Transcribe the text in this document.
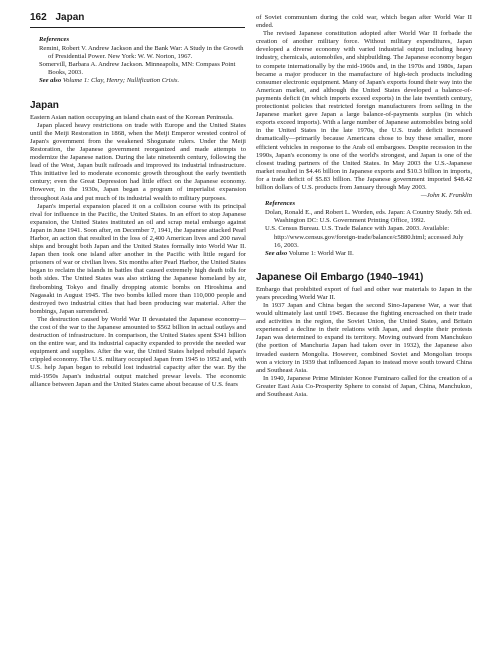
162 Japan
References
Remini, Robert V. Andrew Jackson and the Bank War: A Study in the Growth of Presidential Power. New York: W. W. Norton, 1967.
Somervill, Barbara A. Andrew Jackson. Minneapolis, MN: Compass Point Books, 2003.
See also Volume 1: Clay, Henry; Nullification Crisis.
Japan

Eastern Asian nation occupying an island chain east of the Korean Peninsula.

Japan placed heavy restrictions on trade with Europe and the United States until the Meiji Restoration in 1868, when the Meiji Emperor wrested control of Japan's government from the weakened Shogunate rulers. Under the Meiji Restoration, the Japanese government reorganized and made attempts to modernize the Japanese nation. During the late nineteenth century, following the lead of the West, Japan built railroads and improved its industrial infrastructure. This initiative led to moderate economic growth throughout the early twentieth century; even the Great Depression had little effect on the Japanese economy. However, in the 1930s, Japan began a program of imperialist expansion throughout Asia and put much of its industrial wealth to military purposes.

Japan's imperial expansion placed it on a collision course with its principal rival for influence in the Pacific, the United States. In an effort to stop Japanese expansion, the United States instituted an oil and scrap metal embargo against Japan in June 1941. Soon after, on December 7, 1941, the Japanese attacked Pearl Harbor, an action that resulted in the loss of 2,400 American lives and 200 naval ships and brought both Japan and the United States formally into World War II. Japan then took one island after another in the Pacific with little regard for prisoners of war or civilian lives. Six months after Pearl Harbor, the United States began to reclaim the islands in battles that caused extremely high death tolls for both sides. The United States was also striking the Japanese homeland by air, firebombing Tokyo and finally dropping atomic bombs on Hiroshima and Nagasaki in August 1945. The two bombs killed more than 110,000 people and destroyed two industrial cities that had been producing war material. After the bombings, Japan surrendered.

The destruction caused by World War II devastated the Japanese economy—the cost of the war to the Japanese amounted to $562 billion in actual outlays and destruction of infrastructure. In comparison, the United States spent $341 billion on the entire war, and its industrial capacity expanded to provide the needed war equipment and supplies. After the war, the United States helped rebuild Japan's crippled economy. The U.S. military occupied Japan from 1945 to 1952 and, with U.S. help Japan began to rebuild lost industrial capacity after the war. By the mid-1950s Japan's industrial output matched prewar levels. The economic alliance between Japan and the United States came about because of U.S. fears

of Soviet communism during the cold war, which began after World War II ended.

The revised Japanese constitution adopted after World War II forbade the creation of another military force. Without military expenditures, Japan developed a diverse economy with varied industrial output including heavy industry, chemicals, automobiles, and shipbuilding. The Japanese economy began to compete internationally by the mid-1960s and, in the 1970s and 1980s, Japan became a major producer in the manufacture of high-tech products including consumer electronic equipment. Many of Japan's exports found their way into the American market, and although the United States developed a balance-of-payments deficit (in which imports exceed exports) in the late twentieth century, protectionist policies that restricted foreign manufacturers from selling in the Japanese market gave Japan a large balance-of-payments surplus (in which exports exceed imports). With a large number of Japanese automobiles being sold in the United States in the late 1970s, the U.S. trade deficit increased dramatically—primarily because Americans chose to buy these smaller, more efficient vehicles in response to the Arab oil embargoes. Despite recession in the 1990s, Japan's economy is one of the world's strongest, and Japan is one of the closest trading partners of the United States. In May 2003 the U.S.-Japanese market resulted in $4.46 billion in Japanese exports and $10.3 billion in imports, for a trade deficit of $5.83 billion. The Japanese government imported $48.42 billion dollars of U.S. products from January through May 2003.

—John K. Franklin

References
Dolan, Ronald E., and Robert L. Worden, eds. Japan: A Country Study. 5th ed. Washington DC: U.S. Government Printing Office, 1992.
U.S. Census Bureau. U.S. Trade Balance with Japan. 2003. Available: http://www.census.gov/foreign-trade/balance/c5880.html; accessed July 16, 2003.
See also Volume 1: World War II.
Japanese Oil Embargo (1940–1941)

Embargo that prohibited export of fuel and other war materials to Japan in the years preceding World War II.

In 1937 Japan and China began the second Sino-Japanese War, a war that would ultimately last until 1945. Because the fighting encroached on their trade and activities in the region, the Soviet Union, the United States, and Britain experienced a decline in their relations with Japan, and despite their protests Japan was determined to expand its territory. Moving outward from Manchukuo (the portion of Manchuria Japan had taken over in 1932), the Japanese also invaded eastern Mongolia. However, combined Soviet and Mongolian troops won a victory in 1939 that influenced Japan to instead move south toward China and Southeast Asia.

In 1940, Japanese Prime Minister Konoe Fuminaro called for the creation of a Greater East Asia Co-Prosperity Sphere to consist of Japan, China, Manchukuo, and Southeast Asia.
